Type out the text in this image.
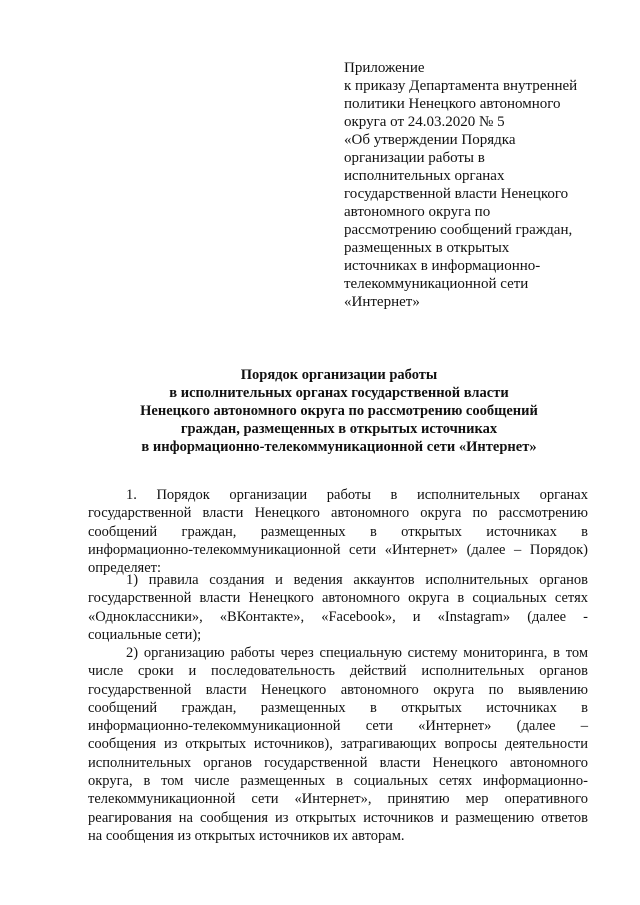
Приложение
к приказу Департамента внутренней
политики Ненецкого автономного
округа от 24.03.2020 № 5
«Об утверждении Порядка
организации работы в
исполнительных органах
государственной власти Ненецкого
автономного округа по
рассмотрению сообщений граждан,
размещенных в открытых
источниках в информационно-
телекоммуникационной сети
«Интернет»
Порядок организации работы
в исполнительных органах государственной власти
Ненецкого автономного округа по рассмотрению сообщений
граждан, размещенных в открытых источниках
в информационно-телекоммуникационной сети «Интернет»
1. Порядок организации работы в исполнительных органах
государственной власти Ненецкого автономного округа по рассмотрению
сообщений граждан, размещенных в открытых источниках в
информационно-телекоммуникационной сети «Интернет» (далее – Порядок)
определяет:
1) правила создания и ведения аккаунтов исполнительных органов
государственной власти Ненецкого автономного округа в социальных сетях
«Одноклассники», «ВКонтакте», «Facebook», и «Instagram» (далее -
социальные сети);
2) организацию работы через специальную систему мониторинга, в том
числе сроки и последовательность действий исполнительных органов
государственной власти Ненецкого автономного округа по выявлению
сообщений граждан, размещенных в открытых источниках в
информационно-телекоммуникационной сети «Интернет» (далее –
сообщения из открытых источников), затрагивающих вопросы деятельности
исполнительных органов государственной власти Ненецкого автономного
округа, в том числе размещенных в социальных сетях информационно-
телекоммуникационной сети «Интернет», принятию мер оперативного
реагирования на сообщения из открытых источников и размещению ответов
на сообщения из открытых источников их авторам.
